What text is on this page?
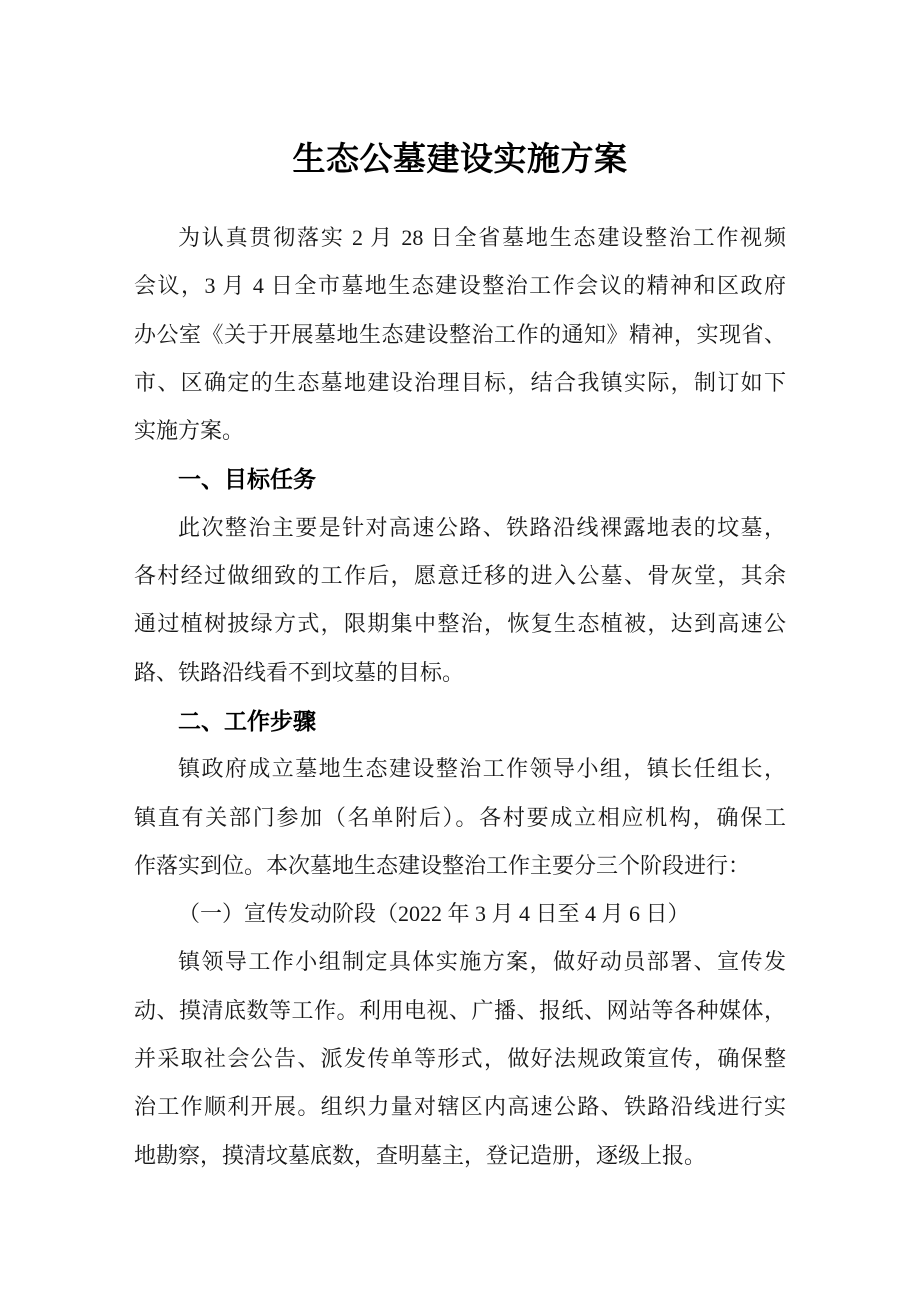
生态公墓建设实施方案
为认真贯彻落实 2 月 28 日全省墓地生态建设整治工作视频
会议，3 月 4 日全市墓地生态建设整治工作会议的精神和区政府
办公室《关于开展墓地生态建设整治工作的通知》精神，实现省、
市、区确定的生态墓地建设治理目标，结合我镇实际，制订如下
实施方案。
一、目标任务
此次整治主要是针对高速公路、铁路沿线裸露地表的坟墓，
各村经过做细致的工作后，愿意迁移的进入公墓、骨灰堂，其余
通过植树披绿方式，限期集中整治，恢复生态植被，达到高速公
路、铁路沿线看不到坟墓的目标。
二、工作步骤
镇政府成立墓地生态建设整治工作领导小组，镇长任组长，
镇直有关部门参加（名单附后）。各村要成立相应机构，确保工
作落实到位。本次墓地生态建设整治工作主要分三个阶段进行：
（一）宣传发动阶段（2022 年 3 月 4 日至 4 月 6 日）
镇领导工作小组制定具体实施方案，做好动员部署、宣传发
动、摸清底数等工作。利用电视、广播、报纸、网站等各种媒体，
并采取社会公告、派发传单等形式，做好法规政策宣传，确保整
治工作顺利开展。组织力量对辖区内高速公路、铁路沿线进行实
地勘察，摸清坟墓底数，查明墓主，登记造册，逐级上报。
